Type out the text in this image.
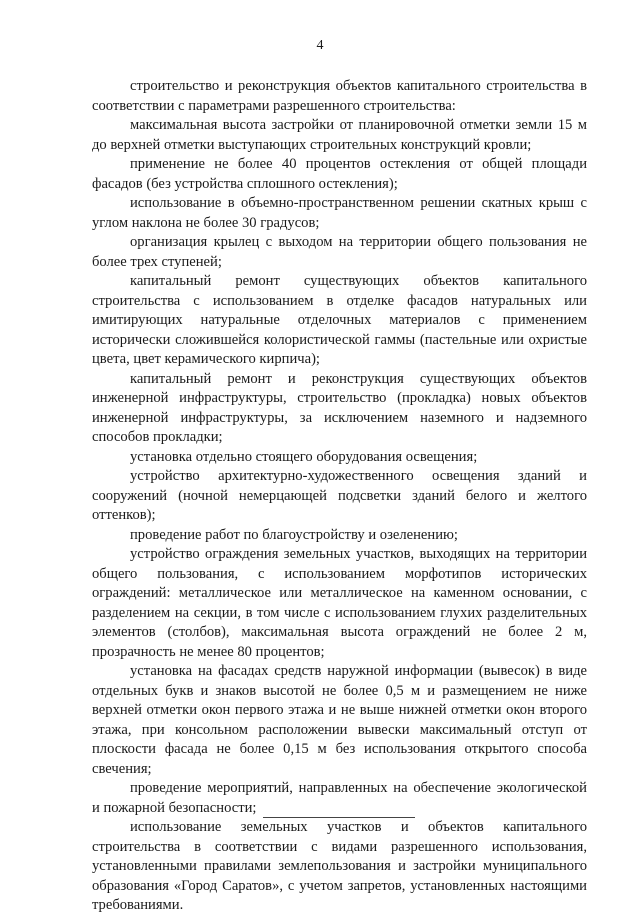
4

строительство и реконструкция объектов капитального строительства в соответствии с параметрами разрешенного строительства:

максимальная высота застройки от планировочной отметки земли 15 м до верхней отметки выступающих строительных конструкций кровли;

применение не более 40 процентов остекления от общей площади фасадов (без устройства сплошного остекления);

использование в объемно-пространственном решении скатных крыш с углом наклона не более 30 градусов;

организация крылец с выходом на территории общего пользования не более трех ступеней;

капитальный ремонт существующих объектов капитального строительства с использованием в отделке фасадов натуральных или имитирующих натуральные отделочных материалов с применением исторически сложившейся колористической гаммы (пастельные или охристые цвета, цвет керамического кирпича);

капитальный ремонт и реконструкция существующих объектов инженерной инфраструктуры, строительство (прокладка) новых объектов инженерной инфраструктуры, за исключением наземного и надземного способов прокладки;

установка отдельно стоящего оборудования освещения;

устройство архитектурно-художественного освещения зданий и сооружений (ночной немерцающей подсветки зданий белого и желтого оттенков);

проведение работ по благоустройству и озеленению;

устройство ограждения земельных участков, выходящих на территории общего пользования, с использованием морфотипов исторических ограждений: металлическое или металлическое на каменном основании, с разделением на секции, в том числе с использованием глухих разделительных элементов (столбов), максимальная высота ограждений не более 2 м, прозрачность не менее 80 процентов;

установка на фасадах средств наружной информации (вывесок) в виде отдельных букв и знаков высотой не более 0,5 м и размещением не ниже верхней отметки окон первого этажа и не выше нижней отметки окон второго этажа, при консольном расположении вывески максимальный отступ от плоскости фасада не более 0,15 м без использования открытого способа свечения;

проведение мероприятий, направленных на обеспечение экологической и пожарной безопасности;

использование земельных участков и объектов капитального строительства в соответствии с видами разрешенного использования, установленными правилами землепользования и застройки муниципального образования «Город Саратов», с учетом запретов, установленных настоящими требованиями.
